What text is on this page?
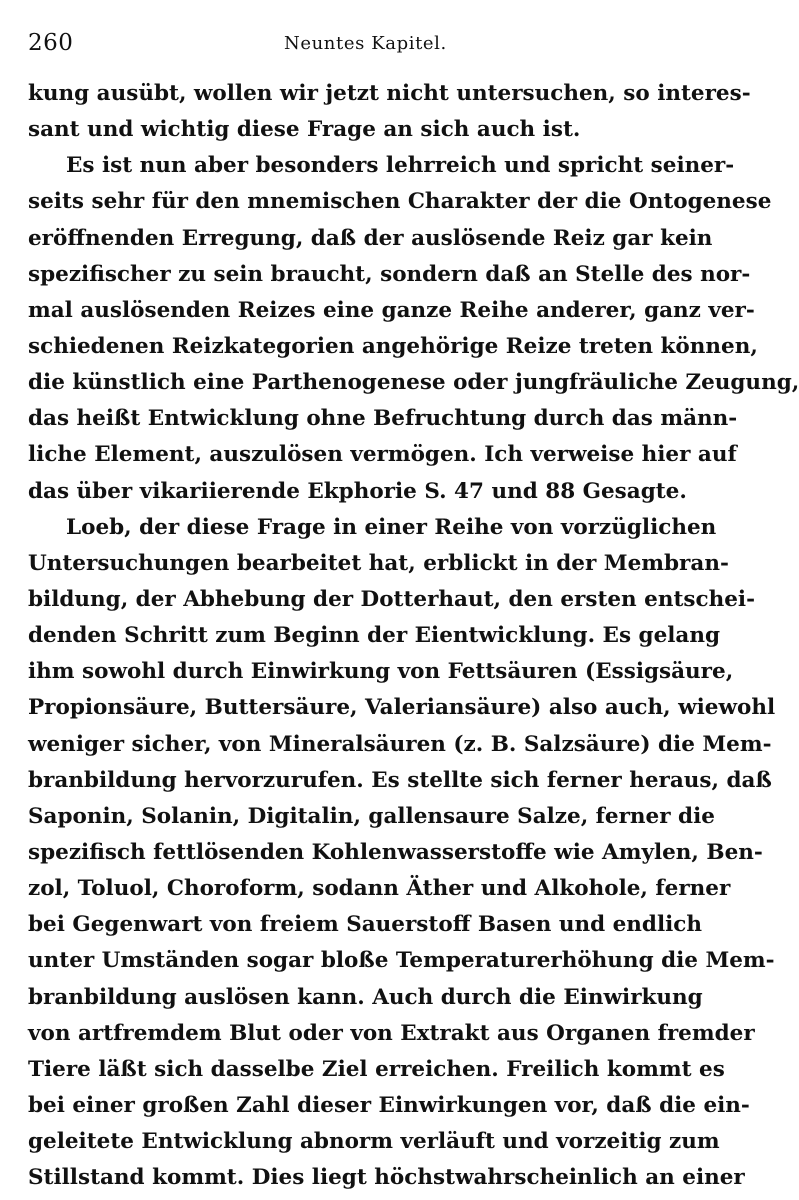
260	Neuntes Kapitel.
kung ausübt, wollen wir jetzt nicht untersuchen, so interes-
sant und wichtig diese Frage an sich auch ist.
Es ist nun aber besonders lehrreich und spricht seiner-
seits sehr für den mnemischen Charakter der die Ontogenese
eröffnenden Erregung, daß der auslösende Reiz gar kein
spezifischer zu sein braucht, sondern daß an Stelle des nor-
mal auslösenden Reizes eine ganze Reihe anderer, ganz ver-
schiedenen Reizkategorien angehörige Reize treten können,
die künstlich eine Parthenogenese oder jungfräuliche Zeugung,
das heißt Entwicklung ohne Befruchtung durch das männ-
liche Element, auszulösen vermögen. Ich verweise hier auf
das über vikariierende Ekphorie S. 47 und 88 Gesagte.
Loeb, der diese Frage in einer Reihe von vorzüglichen
Untersuchungen bearbeitet hat, erblickt in der Membran-
bildung, der Abhebung der Dotterhaut, den ersten entschei-
denden Schritt zum Beginn der Eientwicklung. Es gelang
ihm sowohl durch Einwirkung von Fettsäuren (Essigsäure,
Propionsäure, Buttersäure, Valeriansäure) also auch, wiewohl
weniger sicher, von Mineralsäuren (z. B. Salzsäure) die Mem-
branbildung hervorzurufen. Es stellte sich ferner heraus, daß
Saponin, Solanin, Digitalin, gallensaure Salze, ferner die
spezifisch fettlösenden Kohlenwasserstoffe wie Amylen, Ben-
zol, Toluol, Choroform, sodann Äther und Alkohole, ferner
bei Gegenwart von freiem Sauerstoff Basen und endlich
unter Umständen sogar bloße Temperaturerhöhung die Mem-
branbildung auslösen kann. Auch durch die Einwirkung
von artfremdem Blut oder von Extrakt aus Organen fremder
Tiere läßt sich dasselbe Ziel erreichen. Freilich kommt es
bei einer großen Zahl dieser Einwirkungen vor, daß die ein-
geleitete Entwicklung abnorm verläuft und vorzeitig zum
Stillstand kommt. Dies liegt höchstwahrscheinlich an einer
